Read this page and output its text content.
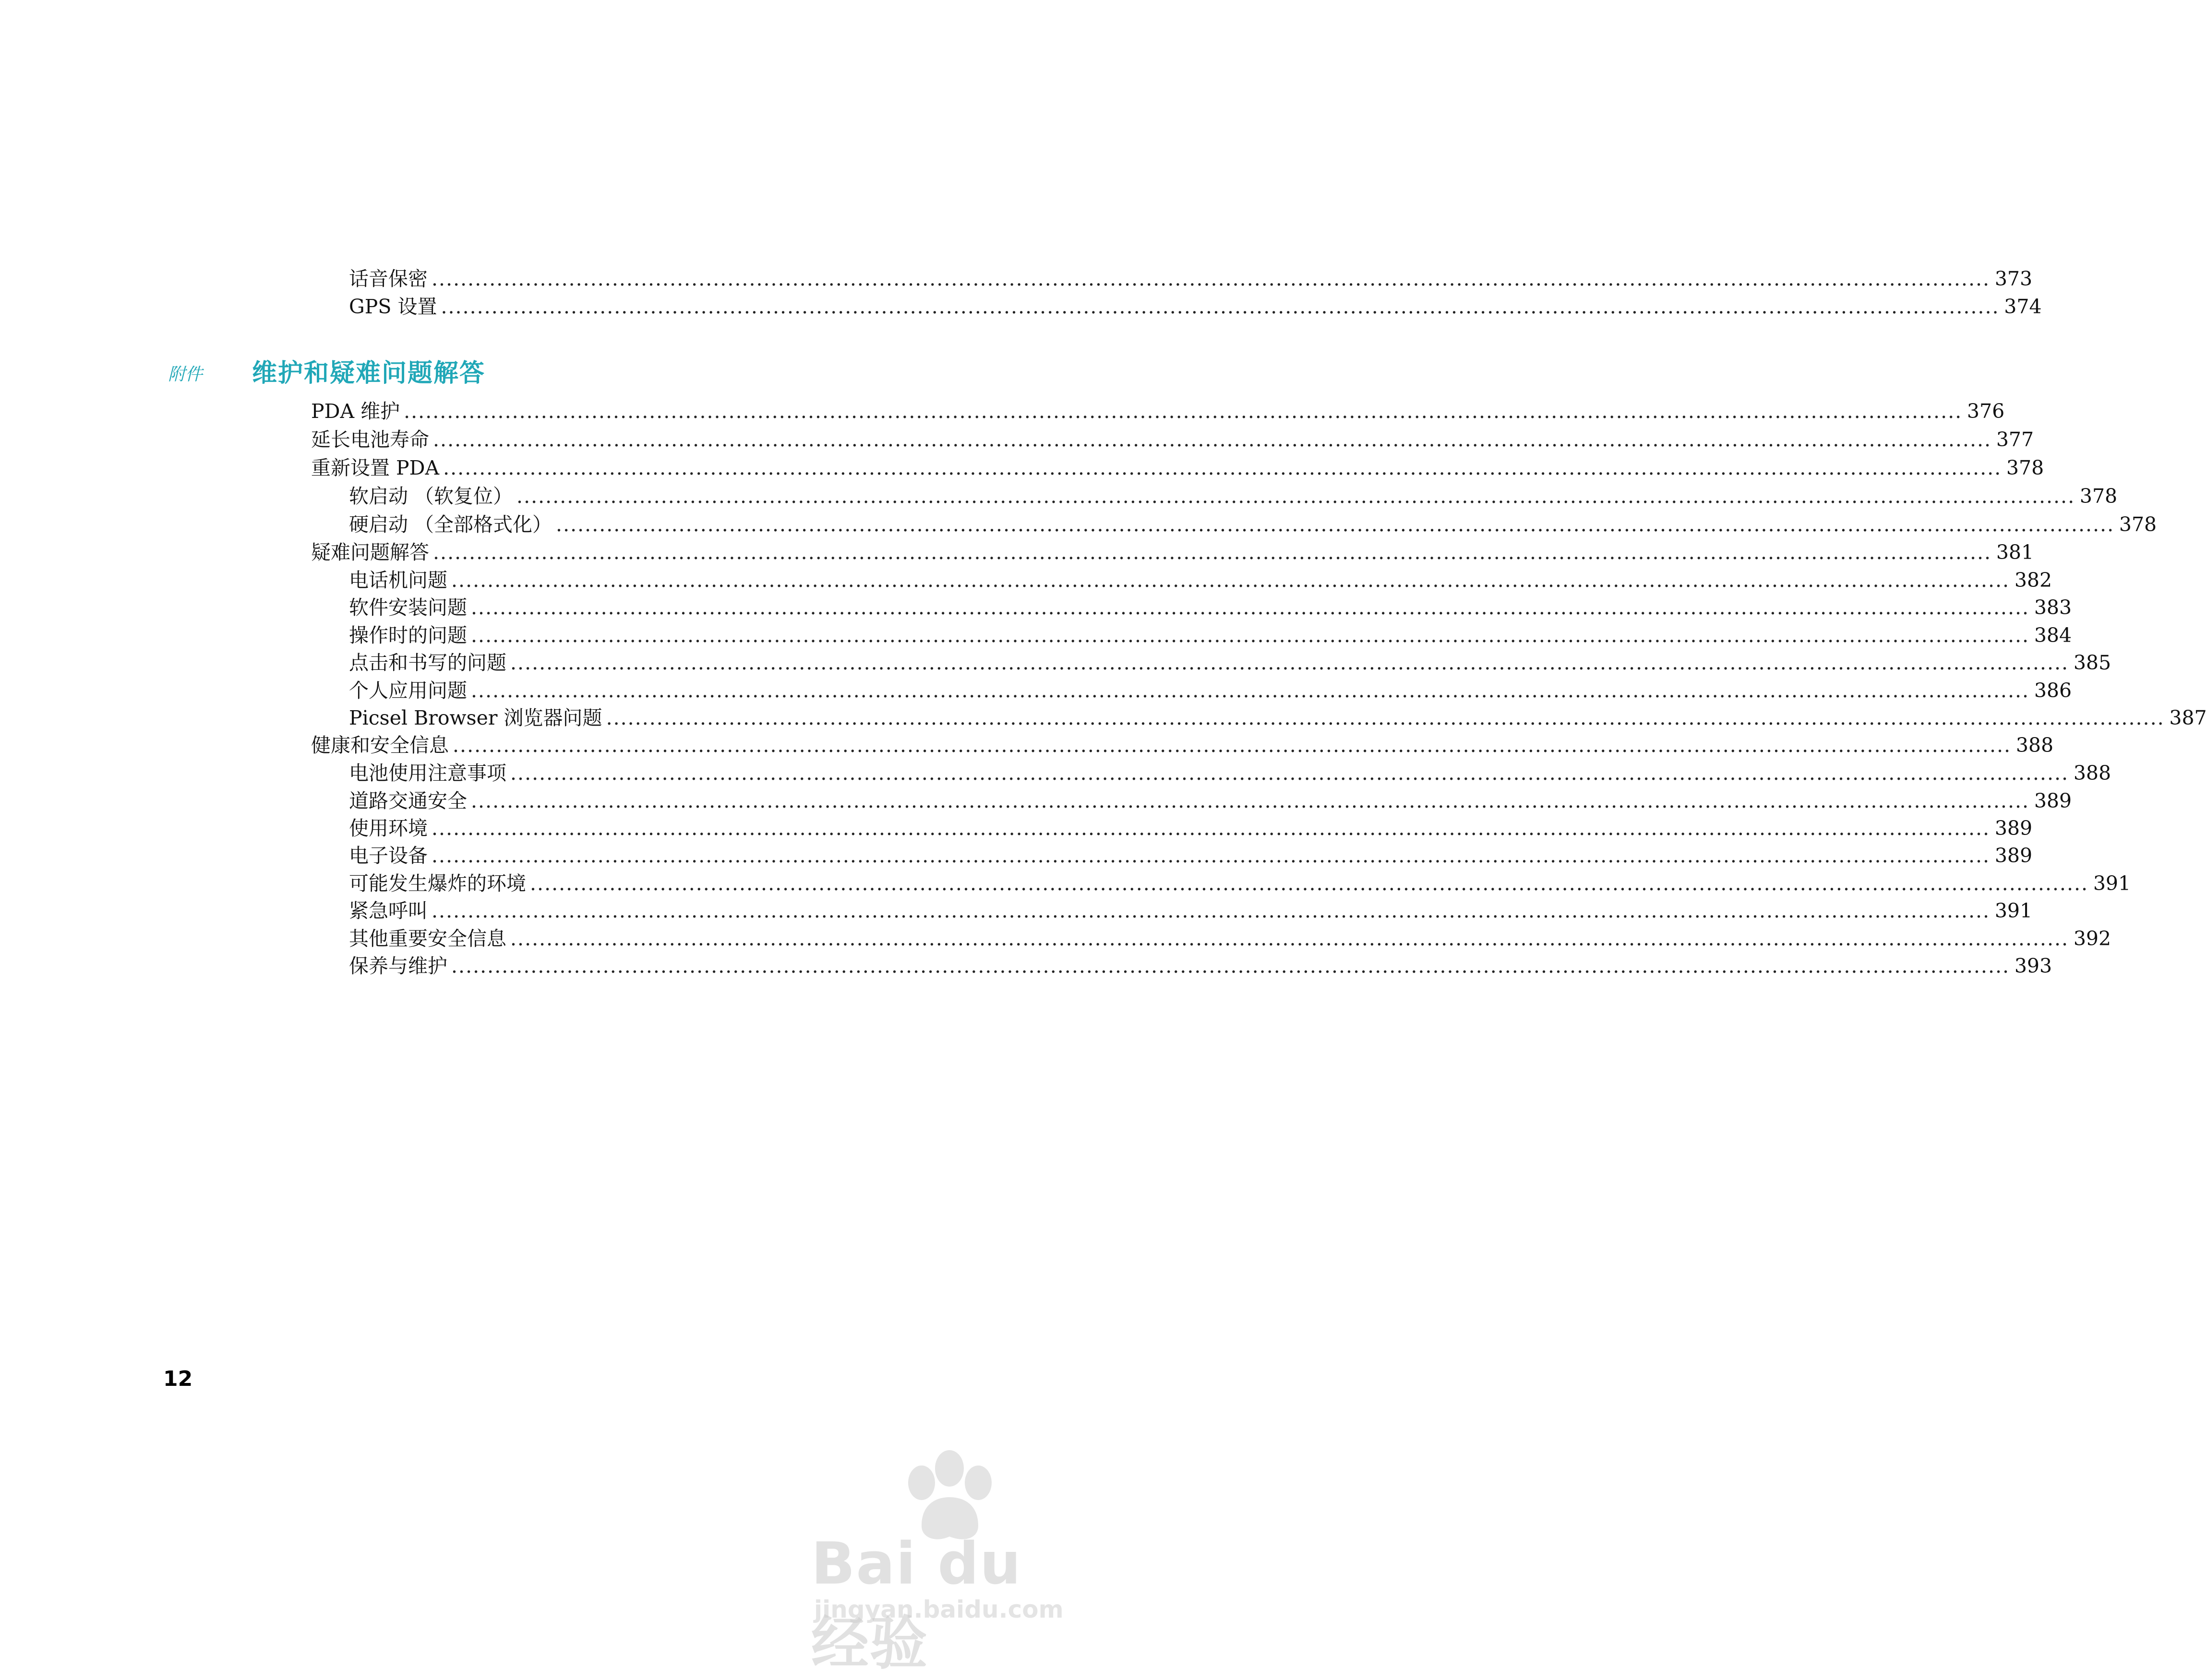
话音保密 ........................................................................................................................................................................................................................ 373
GPS 设置 ........................................................................................................................................................................................................................ 374
附件 维护和疑难问题解答
PDA 维护 ........................................................................................................................................................................................................................ 376
延长电池寿命 ........................................................................................................................................................................................................................ 377
重新设置 PDA ........................................................................................................................................................................................................................ 378
软启动 （软复位） ........................................................................................................................................................................................................................ 378
硬启动 （全部格式化） ........................................................................................................................................................................................................................ 378
疑难问题解答 ........................................................................................................................................................................................................................ 381
电话机问题 ........................................................................................................................................................................................................................ 382
软件安装问题 ........................................................................................................................................................................................................................ 383
操作时的问题 ........................................................................................................................................................................................................................ 384
点击和书写的问题 ........................................................................................................................................................................................................................ 385
个人应用问题 ........................................................................................................................................................................................................................ 386
Picsel Browser 浏览器问题 ........................................................................................................................................................................................................................ 387
健康和安全信息 ........................................................................................................................................................................................................................ 388
电池使用注意事项 ........................................................................................................................................................................................................................ 388
道路交通安全 ........................................................................................................................................................................................................................ 389
使用环境 ........................................................................................................................................................................................................................ 389
电子设备 ........................................................................................................................................................................................................................ 389
可能发生爆炸的环境 ........................................................................................................................................................................................................................ 391
紧急呼叫 ........................................................................................................................................................................................................................ 391
其他重要安全信息 ........................................................................................................................................................................................................................ 392
保养与维护 ........................................................................................................................................................................................................................ 393
12
Bai du 经验
jingyan.baidu.com
